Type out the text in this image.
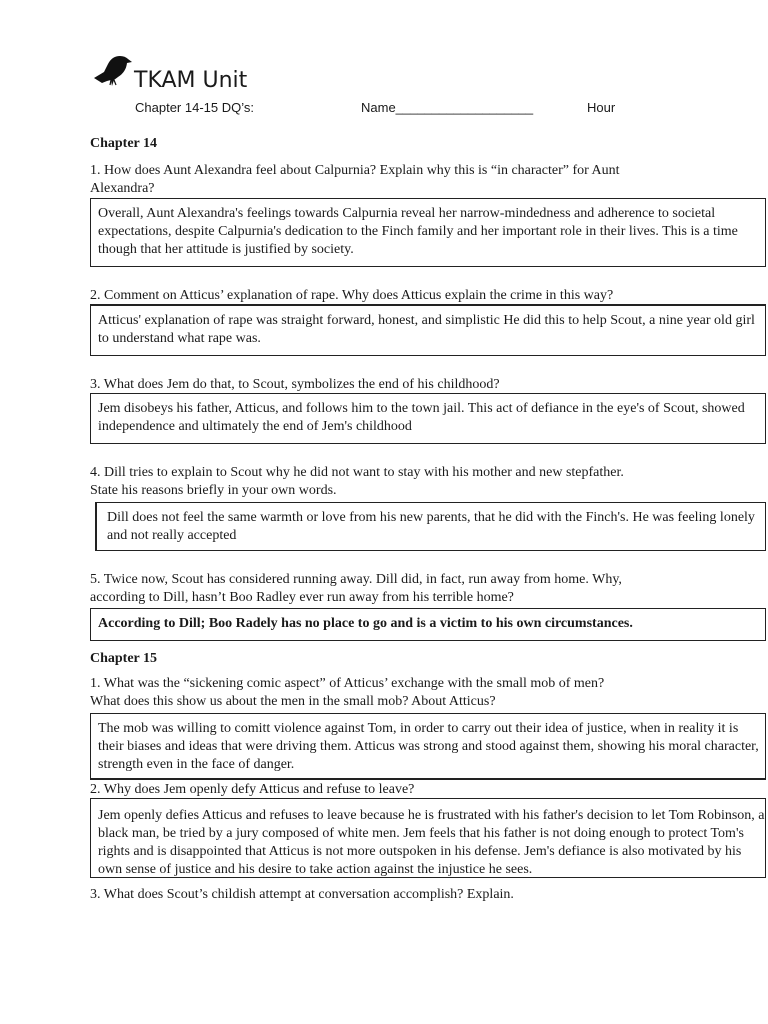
TKAM Unit
Chapter 14-15 DQ’s:	Name___________________	Hour
Chapter 14
1. How does Aunt Alexandra feel about Calpurnia? Explain why this is “in character” for Aunt
Alexandra?
Overall, Aunt Alexandra's feelings towards Calpurnia reveal her narrow-mindedness and adherence to societal expectations, despite Calpurnia's dedication to the Finch family and her important role in their lives. This is a time though that her attitude is justified by society.
2. Comment on Atticus’ explanation of rape. Why does Atticus explain the crime in this way?
Atticus' explanation of rape was straight forward, honest, and simplistic He did this to help Scout, a nine year old girl to understand what rape was.
3. What does Jem do that, to Scout, symbolizes the end of his childhood?
Jem disobeys his father, Atticus, and follows him to the town jail. This act of defiance in the eye's of Scout, showed independence and ultimately the end of Jem's childhood
4. Dill tries to explain to Scout why he did not want to stay with his mother and new stepfather.
State his reasons briefly in your own words.
Dill does not feel the same warmth or love from his new parents, that he did with the Finch's. He was feeling lonely and not really accepted
5. Twice now, Scout has considered running away. Dill did, in fact, run away from home. Why,
according to Dill, hasn’t Boo Radley ever run away from his terrible home?
According to Dill; Boo Radely has no place to go and is a victim to his own circumstances.
Chapter 15
1. What was the “sickening comic aspect” of Atticus’ exchange with the small mob of men?
What does this show us about the men in the small mob? About Atticus?
The mob was willing to comitt violence against Tom, in order to carry out their idea of justice, when in reality it is their biases and ideas that were driving them. Atticus was strong and stood against them, showing his moral character, strength even in the face of danger.
2. Why does Jem openly defy Atticus and refuse to leave?
Jem openly defies Atticus and refuses to leave because he is frustrated with his father's decision to let Tom Robinson, a black man, be tried by a jury composed of white men. Jem feels that his father is not doing enough to protect Tom's rights and is disappointed that Atticus is not more outspoken in his defense. Jem's defiance is also motivated by his own sense of justice and his desire to take action against the injustice he sees.
3. What does Scout’s childish attempt at conversation accomplish? Explain.
